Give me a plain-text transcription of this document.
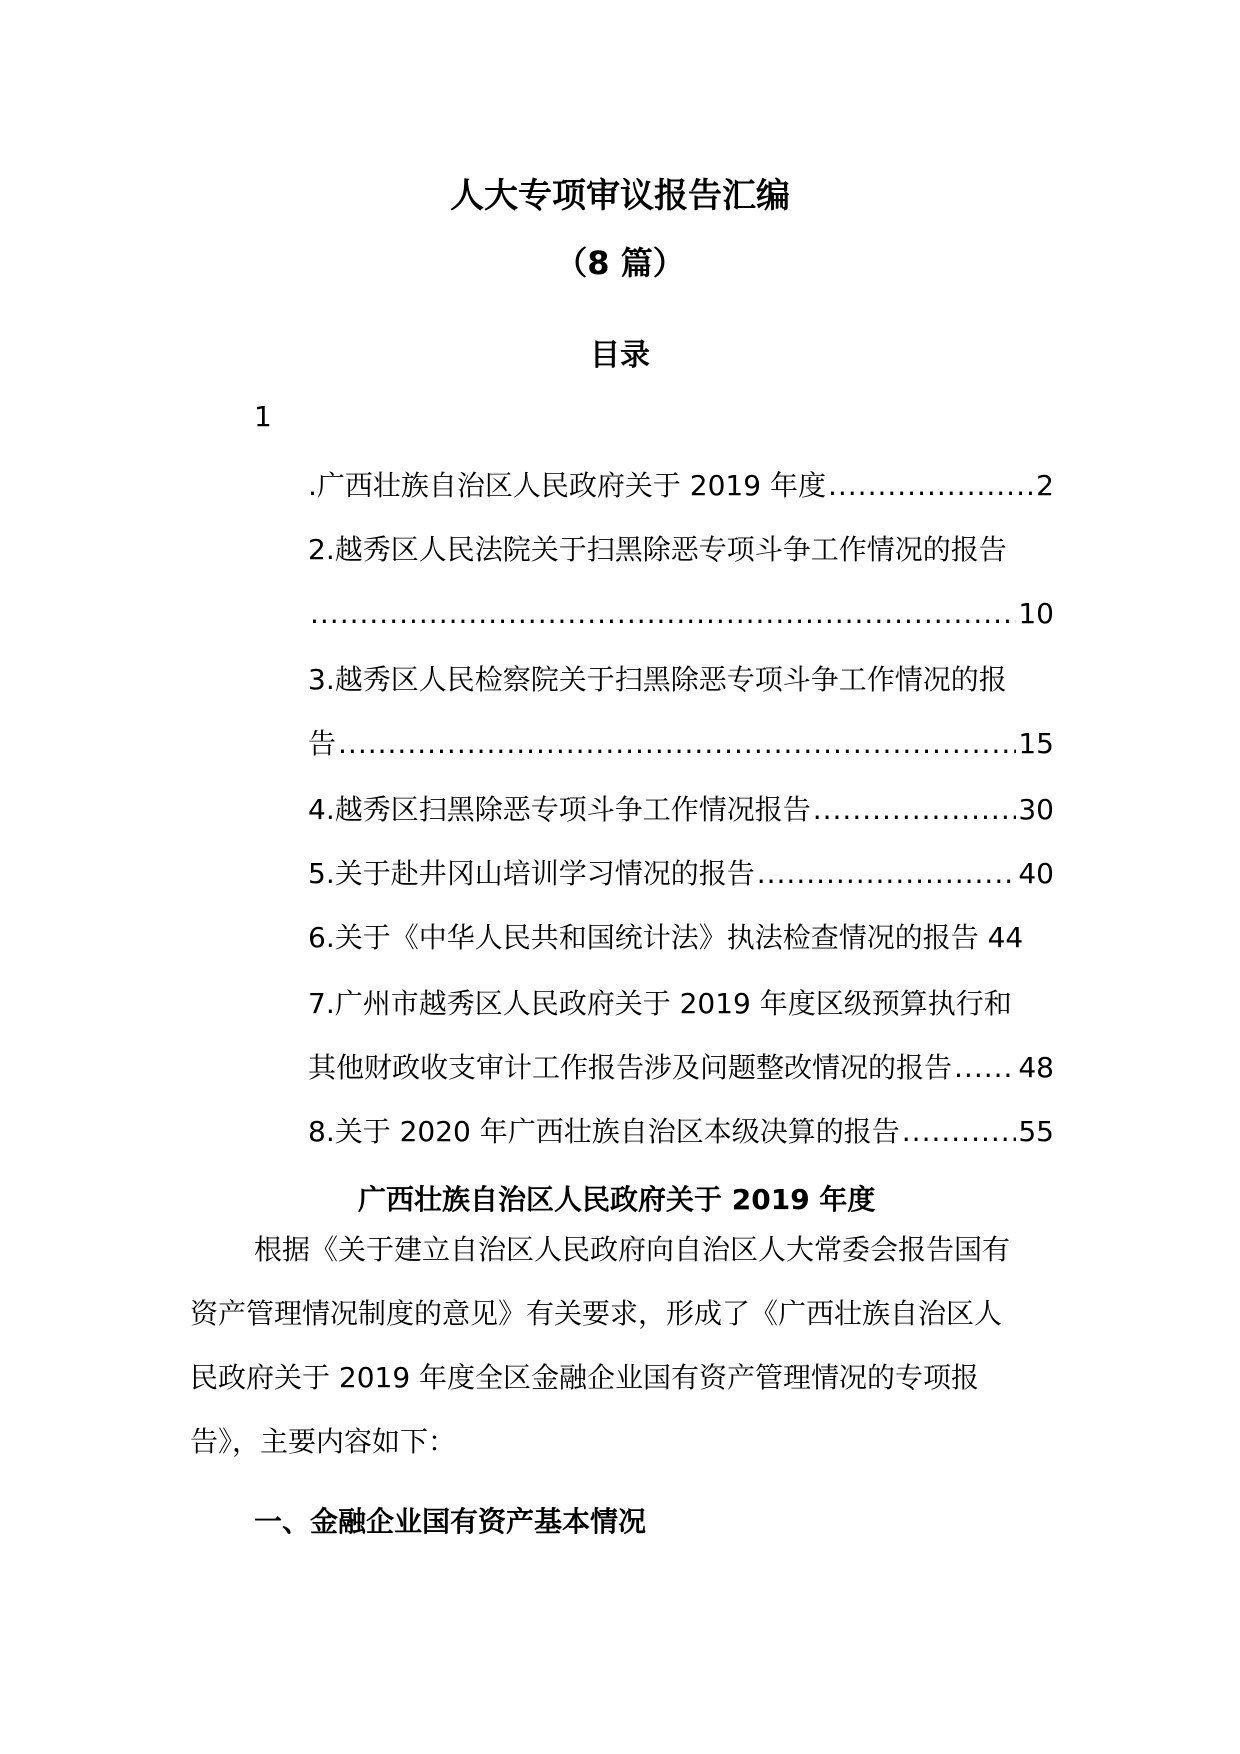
人大专项审议报告汇编
（8 篇）
目录
1
.广西壮族自治区人民政府关于 2019 年度 .....	2
2.越秀区人民法院关于扫黑除恶专项斗争工作情况的报告
.....
10
3.越秀区人民检察院关于扫黑除恶专项斗争工作情况的报
告 .....	15
4.越秀区扫黑除恶专项斗争工作情况报告 .....	30
5.关于赴井冈山培训学习情况的报告 .....	40
6.关于《中华人民共和国统计法》执法检查情况的报告 44
7.广州市越秀区人民政府关于 2019 年度区级预算执行和
其他财政收支审计工作报告涉及问题整改情况的报告 ..... 48
8.关于 2020 年广西壮族自治区本级决算的报告 .....	55
广西壮族自治区人民政府关于 2019 年度
根据《关于建立自治区人民政府向自治区人大常委会报告国有
资产管理情况制度的意见》有关要求，形成了《广西壮族自治区人
民政府关于 2019 年度全区金融企业国有资产管理情况的专项报
告》，主要内容如下：
一、金融企业国有资产基本情况
